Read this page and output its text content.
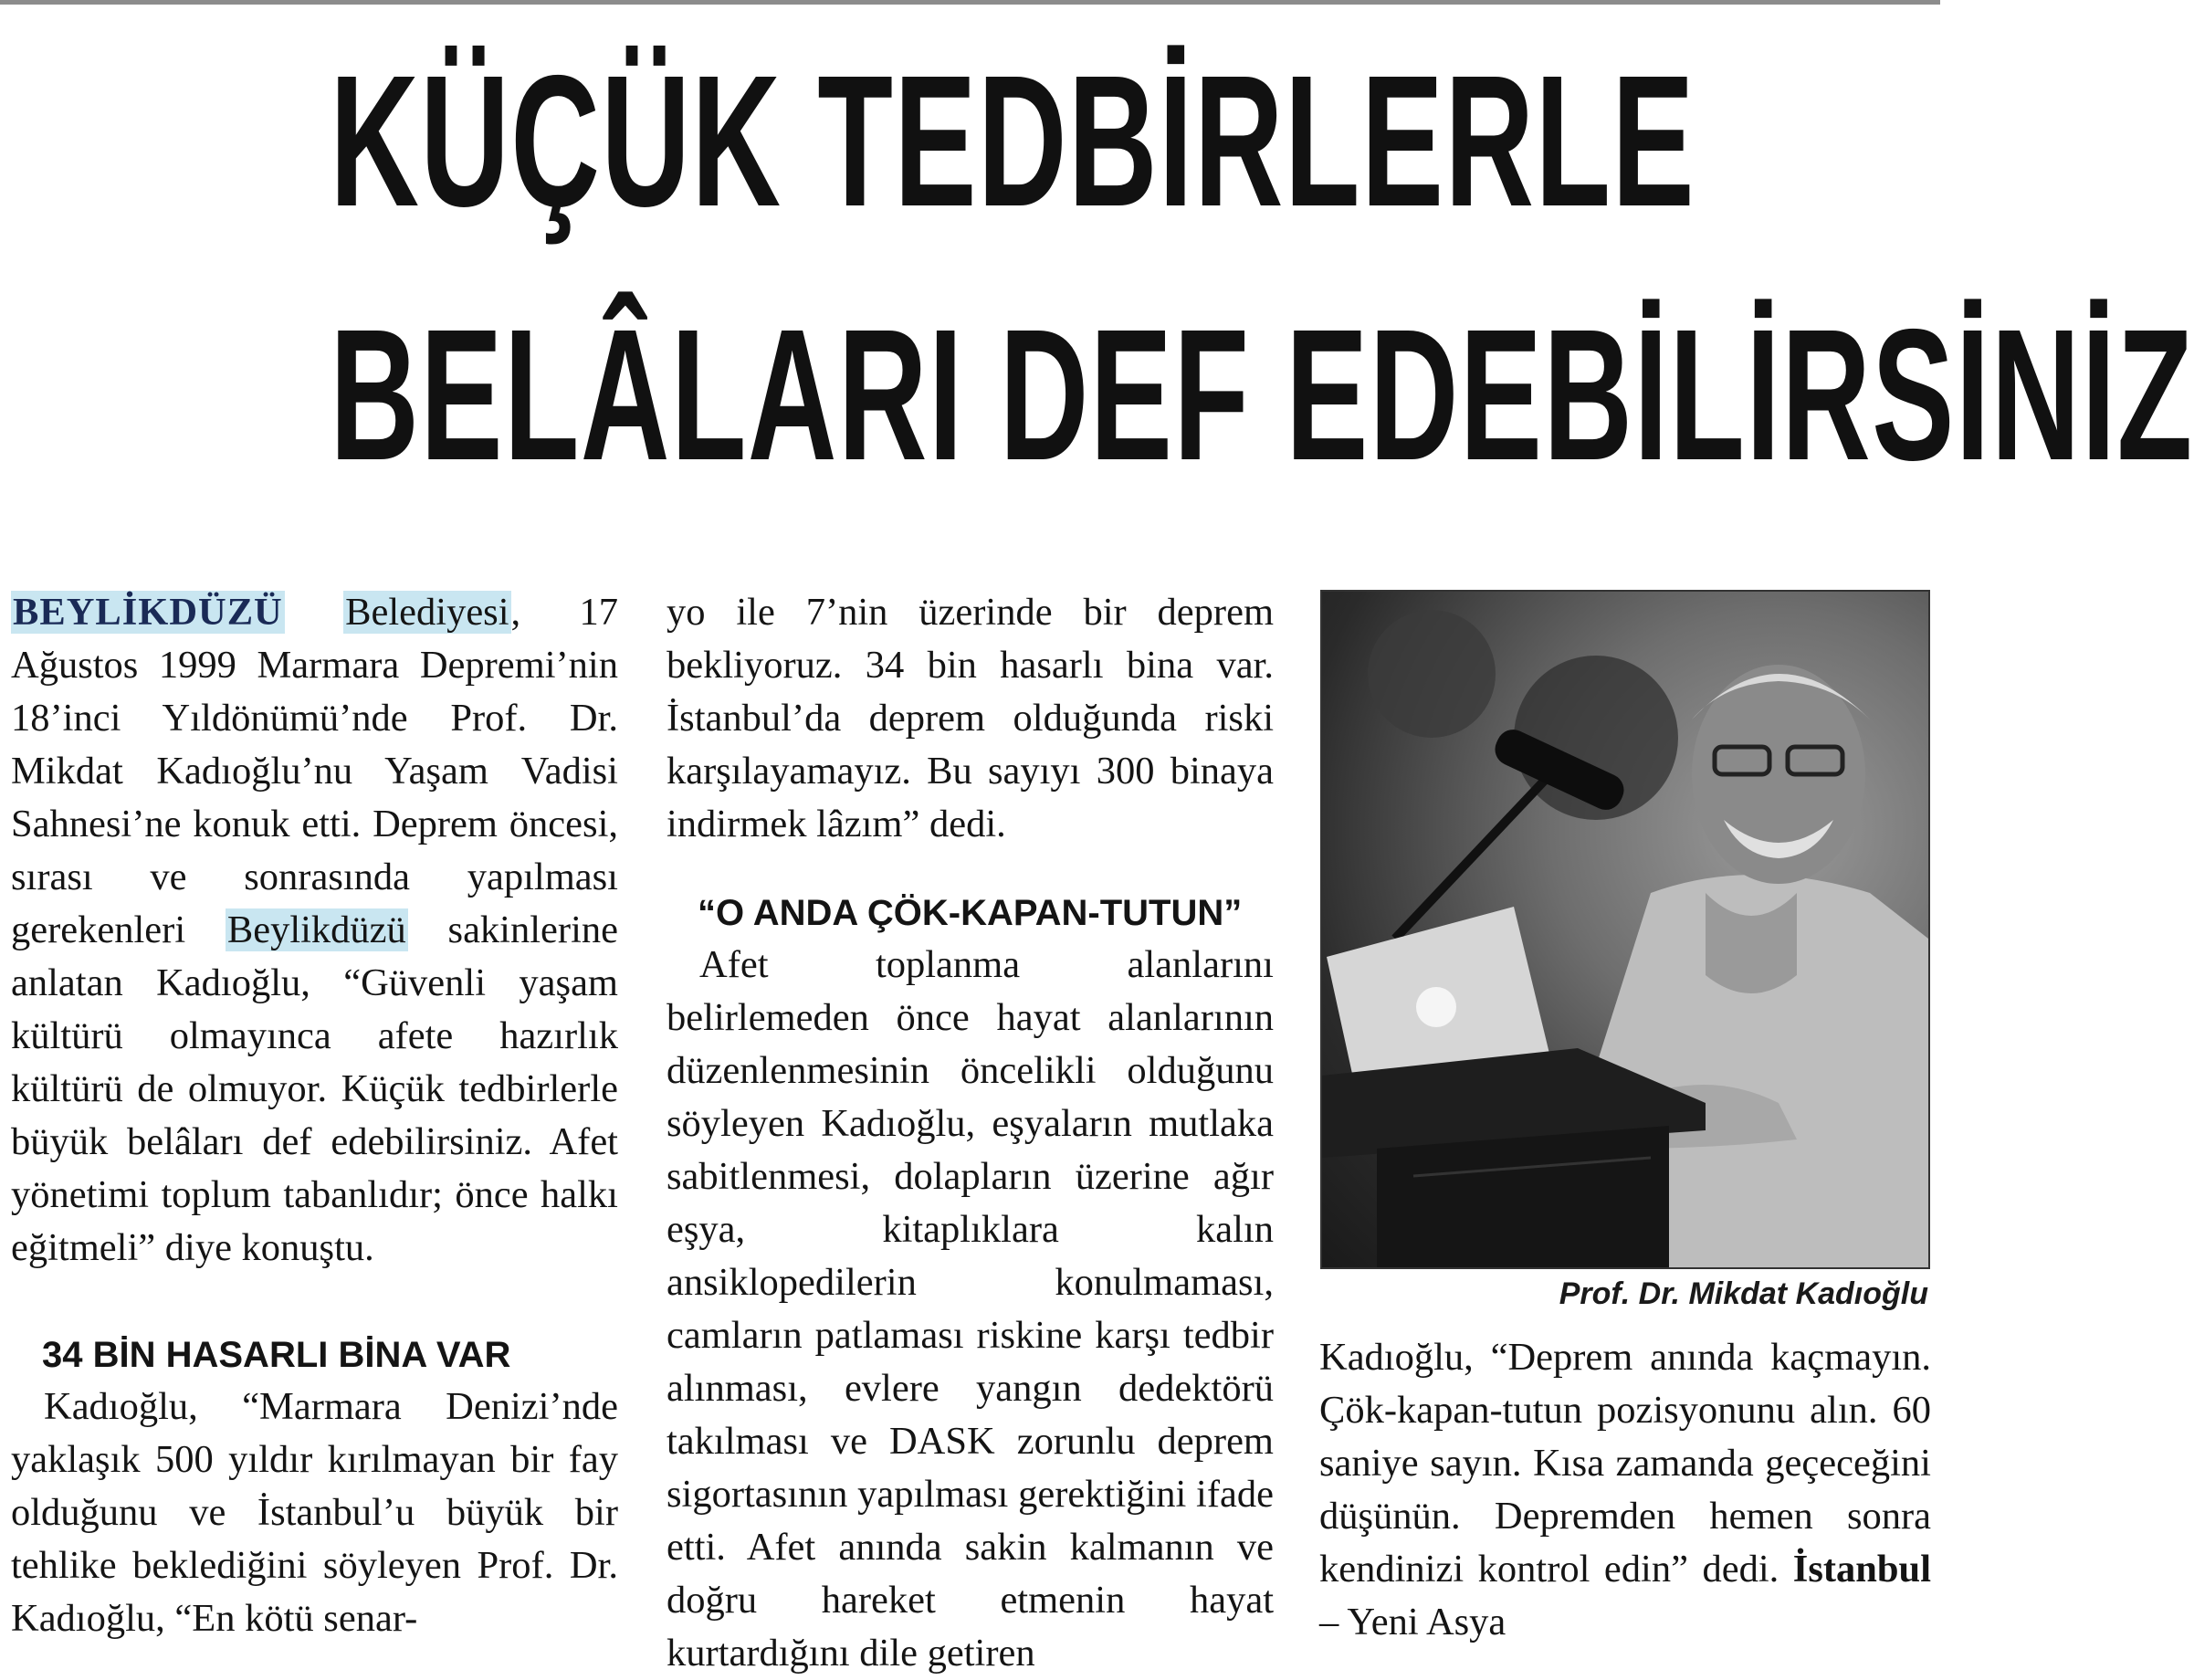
KÜÇÜK TEDBİRLERLE
BELÂLARI DEF EDEBİLİRSİNİZ

BEYLİKDÜZÜ Belediyesi, 17 Ağustos 1999 Marmara Depremi’nin 18’inci Yıldönümü’nde Prof. Dr. Mikdat Kadıoğlu’nu Yaşam Vadisi Sahnesi’ne konuk etti. Deprem öncesi, sırası ve sonrasında yapılması gerekenleri Beylikdüzü sakinlerine anlatan Kadıoğlu, “Güvenli yaşam kültürü olmayınca afete hazırlık kültürü de olmuyor. Küçük tedbirlerle büyük belâları def edebilirsiniz. Afet yönetimi toplum tabanlıdır; önce halkı eğitmeli” diye konuştu.

34 BİN HASARLI BİNA VAR

Kadıoğlu, “Marmara Denizi’nde yaklaşık 500 yıldır kırılmayan bir fay olduğunu ve İstanbul’u büyük bir tehlike beklediğini söyleyen Prof. Dr. Kadıoğlu, “En kötü senar-

yo ile 7’nin üzerinde bir deprem bekliyoruz. 34 bin hasarlı bina var. İstanbul’da deprem olduğunda riski karşılayamayız. Bu sayıyı 300 binaya indirmek lâzım” dedi.

“O ANDA ÇÖK-KAPAN-TUTUN”

Afet toplanma alanlarını belirlemeden önce hayat alanlarının düzenlenmesinin öncelikli olduğunu söyleyen Kadıoğlu, eşyaların mutlaka sabitlenmesi, dolapların üzerine ağır eşya, kitaplıklara kalın ansiklopedilerin konulmaması, camların patlaması riskine karşı tedbir alınması, evlere yangın dedektörü takılması ve DASK zorunlu deprem sigortasının yapılması gerektiğini ifade etti. Afet anında sakin kalmanın ve doğru hareket etmenin hayat kurtardığını dile getiren

Prof. Dr. Mikdat Kadıoğlu

Kadıoğlu, “Deprem anında kaçmayın. Çök-kapan-tutun pozisyonunu alın. 60 saniye sayın. Kısa zamanda geçeceğini düşünün. Depremden hemen sonra kendinizi kontrol edin” dedi. İstanbul – Yeni Asya
